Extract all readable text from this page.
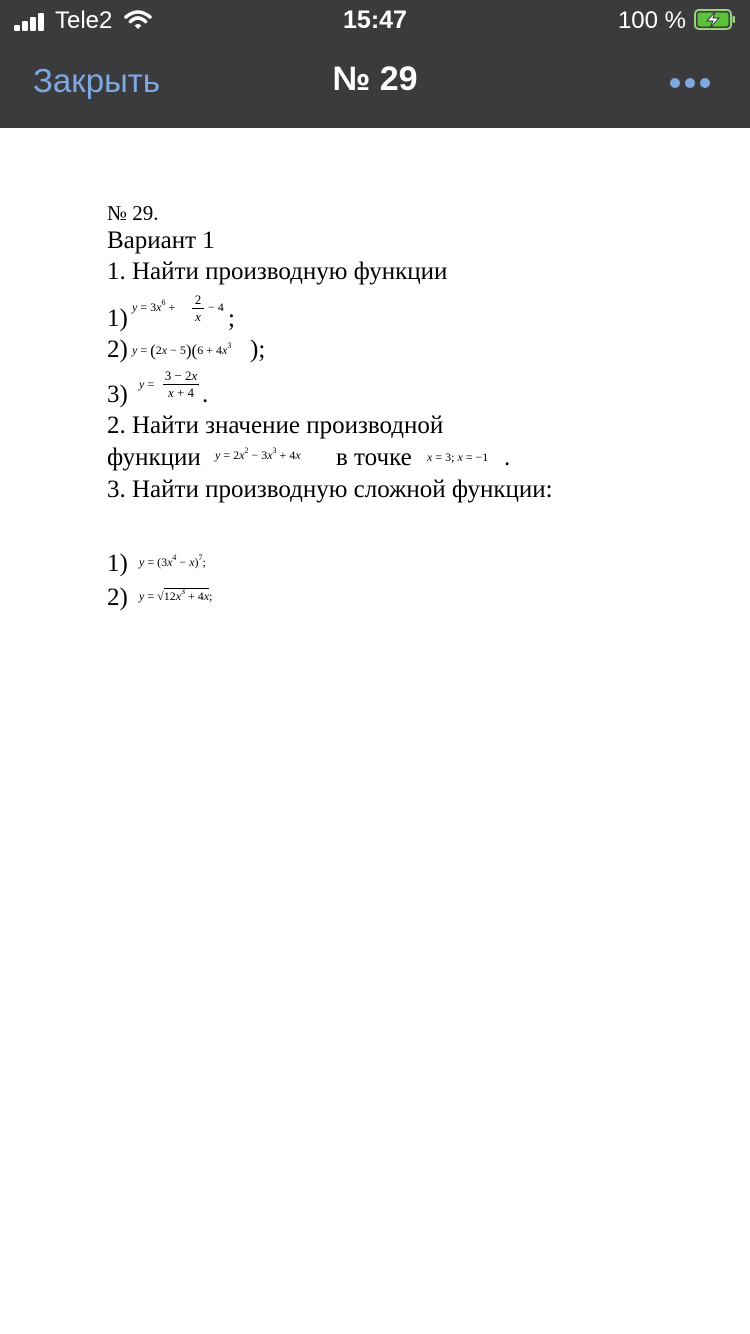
Tele2	15:47	100 %
Закрыть	№ 29
№ 29.
Вариант 1
1. Найти производную функции
1) $y = 3x^6 + \frac{2}{x} - 4$ ;
2) $y = (2x - 5)(6 + 4x^3$ );
3) $y = \frac{3 - 2x}{x + 4}$ .
2. Найти значение производной
функции $y = 2x^2 - 3x^3 + 4x$ в точке x = 3; x = −1 .
3. Найти производную сложной функции:
1) $y = (3x^4 - x)^7$;
2) $y = √12x^3 + 4x$;
